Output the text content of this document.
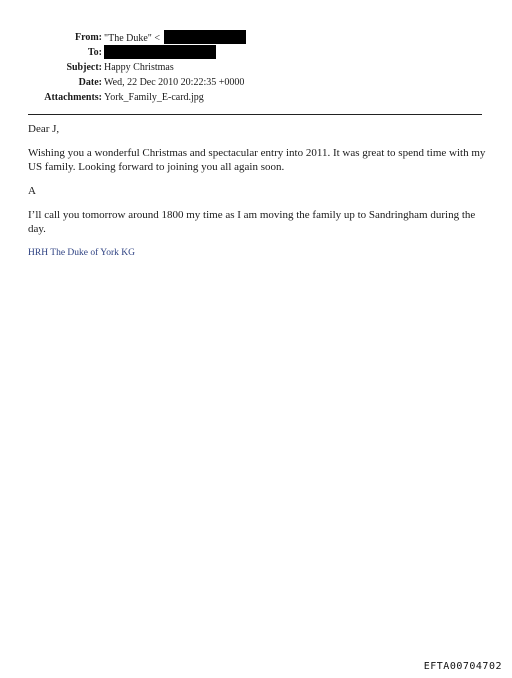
From: "The Duke" <
To:
Subject: Happy Christmas
Date: Wed, 22 Dec 2010 20:22:35 +0000
Attachments: York_Family_E-card.jpg

Dear J,

Wishing you a wonderful Christmas and spectacular entry into 2011. It was great to spend time with my US family. Looking forward to joining you all again soon.

A

I’ll call you tomorrow around 1800 my time as I am moving the family up to Sandringham during the day.

HRH The Duke of York KG

EFTA00704702
